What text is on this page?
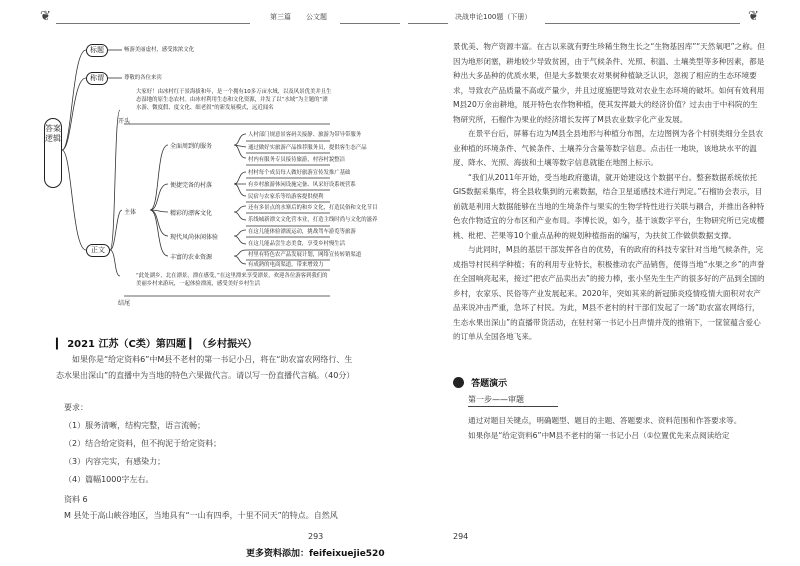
❦	第三篇 公文题	决战申论100题（下册）	❦
答案逻辑
标题	畅游美丽虚村，感受浓浓文化
称谓	尊敬的各位来宾
正文
开头
大家好！由冰村红于景海拔和年，是一个拥有10多万亩水域、以及风景优美并且生态湿地的原生态农村。由冰村利用生态和文化资源，并发了以“水域”为主题的“漂水游、微度假、度文化、细老叙”的新发展模式，远近闻名
主体
全面周到的服务
人村部门规意景客码关接静、旅游为带导带服务
通过做好实旅游产品推荐服务员，提供客生态产品
村内有服务专员接待旅游，村容村貌整洁
便捷完备的村落
村村每个成员每人做好旅游宣传发推广基础
有乡村旅游休闲设施完备、风采好设系统营系
民宿与农家乐等给游客提供便利
精彩的漂客文化
还有多景点的水寨后的和乡文化，打造民俗和文化节目
乐线城新漂文文化营本业，打造主线时尚与文化的滋养
现代风尚休闲体验
在这儿能体验漂流运动，挑战驾车游览等旅游
在这儿能品尝生态美食，享受乡村慢生活
丰富的农业资源	村里有特色农产品发展计划，网络宣传转销渠道
有成熟的电商渠道，带来增效力
结尾
“此处湖乡，北在漂景，漂在感受，”在这里漂来享受漂景，欢迎各位游客到我们的美丽乡村来游玩，一起体验漂流，感受美好乡村生活
▎ 2021 江苏（C类）第四题 ▎（乡村振兴）
如果你是“给定资料6”中M县不老村的第一书记小吕，将在“助农富农网络行、生态水果出深山”的直播中为当地的特色六果做代言。请以写一份直播代言稿。（40分）
要求：
（1）服务清晰，结构完整，语言流畅；
（2）结合给定资料，但不拘泥于给定资料；
（3）内容完实，有感染力；
（4）篇幅1000字左右。
资料 6
M 县处于高山峡谷地区，当地具有“一山有四季，十里不同天”的特点。自然风
293

景优美、物产资源丰富。在古以来就有野生珍稀生物生长之“生物基因库”“天然氧吧”之称。但因为地形闭塞，耕地较少导致贫困，由于气候条件、光照、积温、土壤类型等多种因素，都是种出大多品种的优质水果，但是大多数果农对果树种植缺乏认识，忽视了相应的生态环境要求，导致农产品质量不高或产量少，并且过度施肥导致对农业生态环境的破坏。如何有效利用M县20万余亩耕地，展开特色农作物种植，使其发挥最大的经济价值？过去由于中科院的生物研究所，石榴作为果业的经济增长发挥了M县农业数字化产业发展。

在景平台后，屏幕右边为M县全县地形与种植分布图，左边图例为各个村别类细分全县农业种植的环境条件、气候条件、土壤养分含量等数字信息。点击任一地块，该地块水平的温度、降水、光照、海拔和土壤等数字信息就能在地图上标示。

“我们从2011年开始，受当地政府邀请，就开始建设这个数据平台。整套数据系统依托GIS数据采集库，将全县收集到的元素数据，结合卫星遥感技术进行判定。”石榴协会表示，目前就是利用大数据能够在当地的生境条件与果实的生物学特性进行关联与耦合，并推出各种特色农作物适宜的分布区和产业布局。李博长说，如今，基于该数字平台，生物研究所已完成樱桃、枇杷、芒果等10个重点品种的规划种植指南的编写，为扶贫工作做供数据支撑。

与此同时，M县的基层干部发挥各自的优势，有的政府的科技专家针对当地气候条件，完成指导村民科学种植；有的利用专业特长，积极推动农产品销售，使得当地“水果之乡”的声誉在全国响亮起来，接过“把农产品卖出去”的接力棒，张小坚先生生产的很多好的产品到全国的乡村，农家乐、民俗等产业发展起来。2020年，突如其来的新冠肺炎疫情疫情大面积对农产品来说冲击严重，急坏了村民。为此，M县不老村的村干部们发起了一场“助农富农网络行，生态水果出深山”的直播带货活动，在驻村第一书记小吕声情并茂的推销下，一筐筐蕴含爱心的订单从全国各地飞来。

答题演示
第一步——审题

通过对题目关键点，明确题型、题目的主题、答题要求、资料范围和作答要求等。

如果你是“给定资料6”中M县不老村的第一书记小吕（①位置优先来点阅读给定

294
更多资料添加：feifeixuejie520
